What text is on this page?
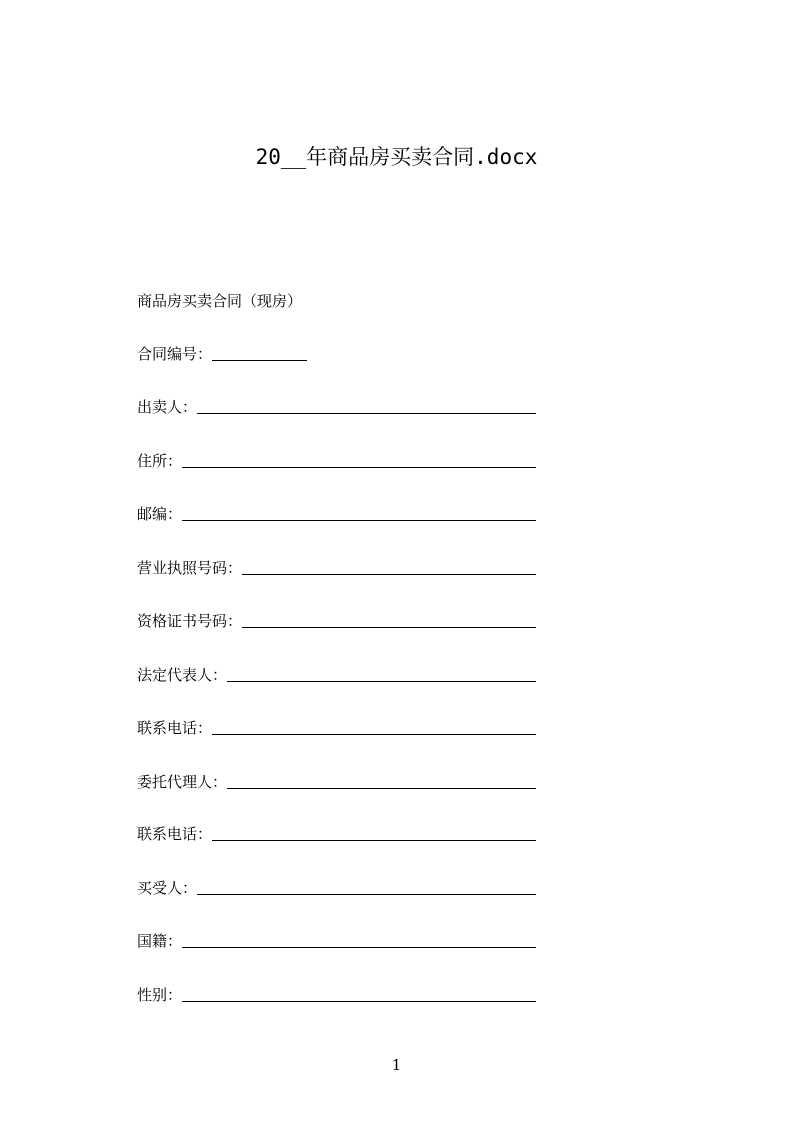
20__年商品房买卖合同.docx
商品房买卖合同（现房）
合同编号：
出卖人：
住所：
邮编：
营业执照号码：
资格证书号码：
法定代表人：
联系电话：
委托代理人：
联系电话：
买受人：
国籍：
性别：
1
